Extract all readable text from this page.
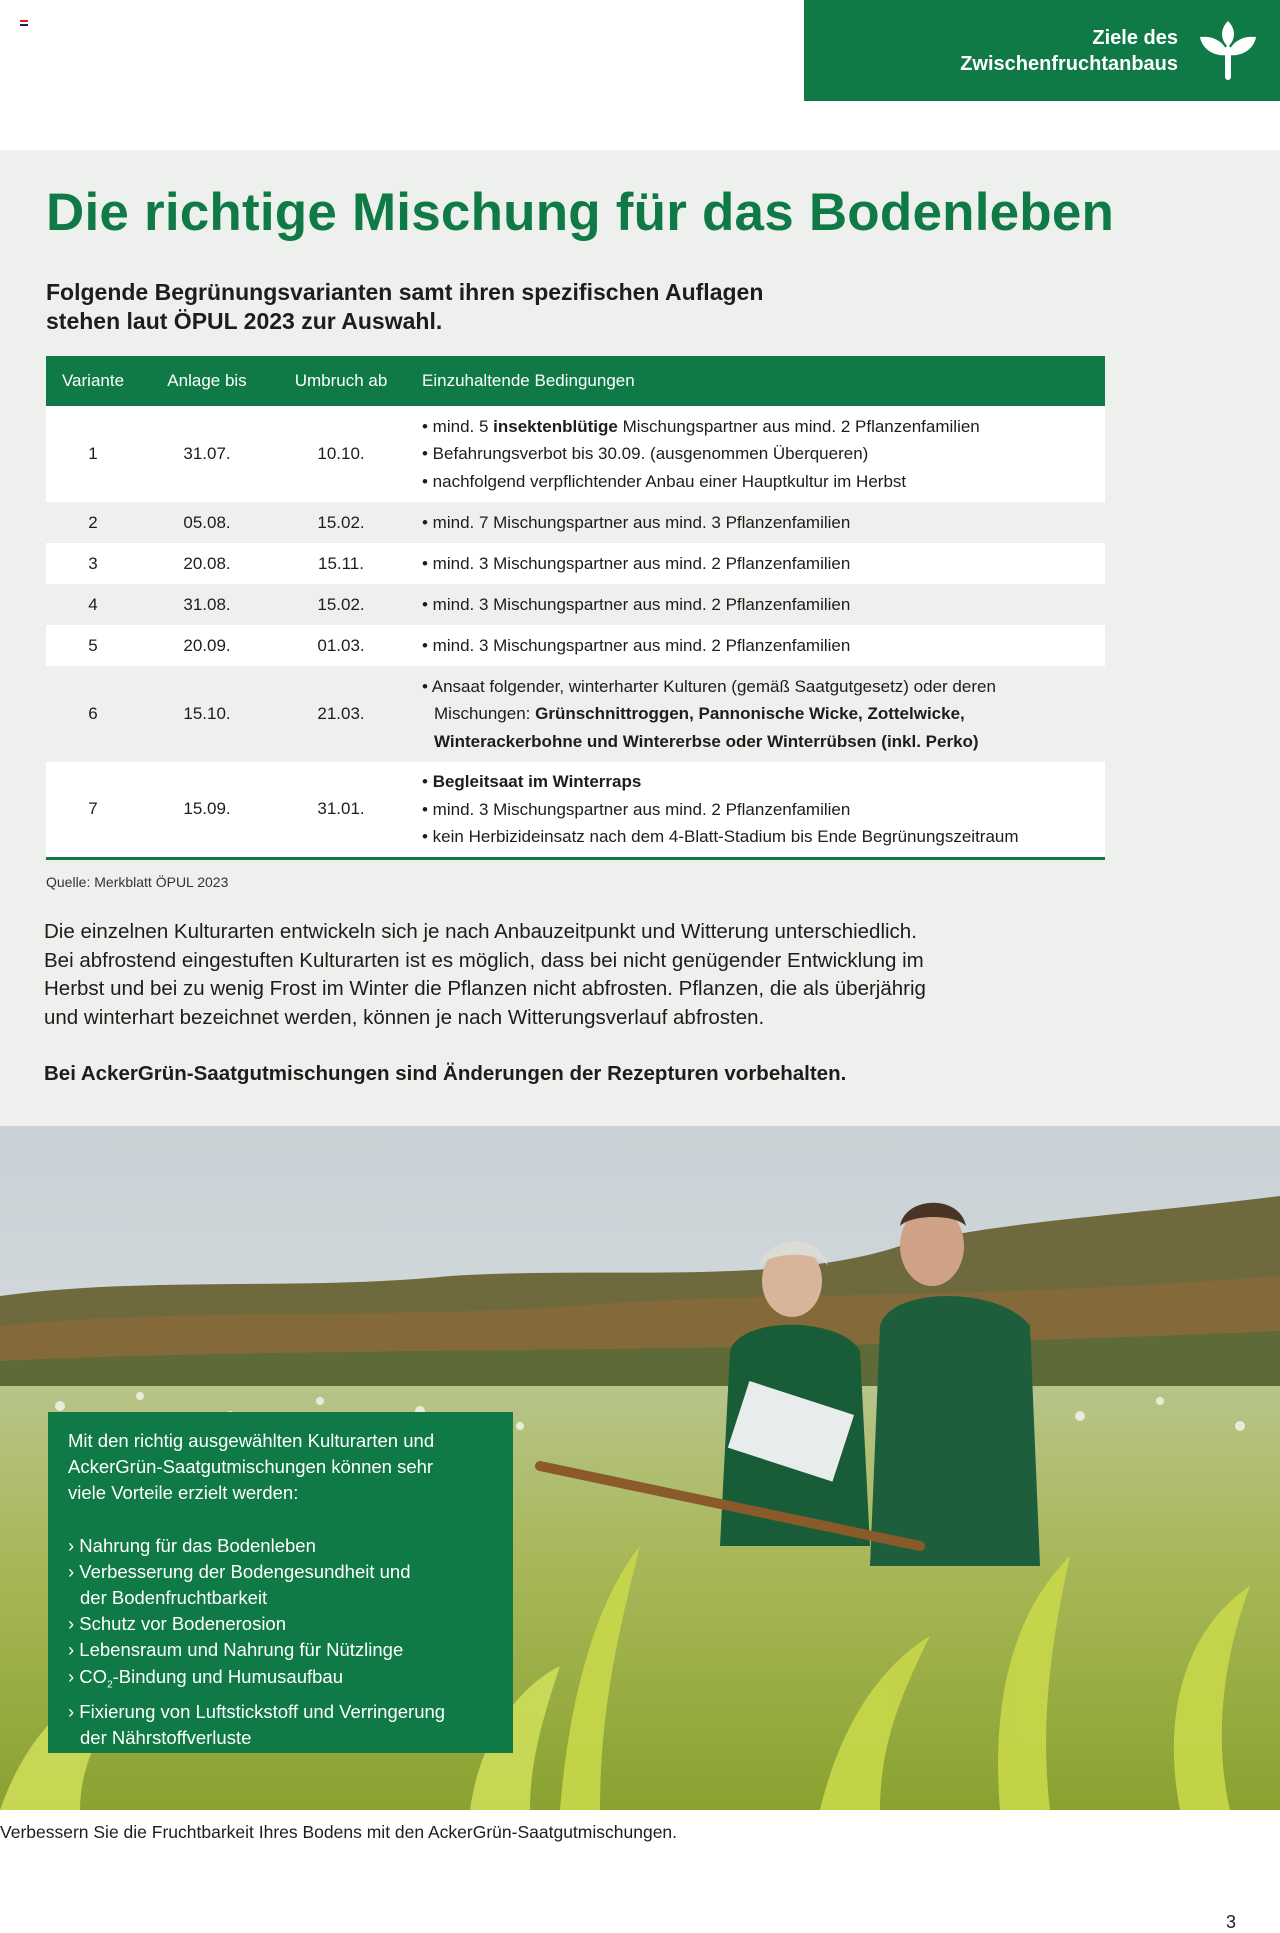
Ziele des
Zwischenfruchtanbaus
Die richtige Mischung für das Bodenleben
Folgende Begrünungsvarianten samt ihren spezifischen Auflagen
stehen laut ÖPUL 2023 zur Auswahl.
Variante	Anlage bis	Umbruch ab	Einzuhaltende Bedingungen
1	31.07.	10.10.	• mind. 5 insektenblütige Mischungspartner aus mind. 2 Pflanzenfamilien
• Befahrungsverbot bis 30.09. (ausgenommen Überqueren)
• nachfolgend verpflichtender Anbau einer Hauptkultur im Herbst

2	05.08.	15.02.	• mind. 7 Mischungspartner aus mind. 3 Pflanzenfamilien

3	20.08.	15.11.	• mind. 3 Mischungspartner aus mind. 2 Pflanzenfamilien

4	31.08.	15.02.	• mind. 3 Mischungspartner aus mind. 2 Pflanzenfamilien

5	20.09.	01.03.	• mind. 3 Mischungspartner aus mind. 2 Pflanzenfamilien

6	15.10.	21.03.	• Ansaat folgender, winterharter Kulturen (gemäß Saatgutgesetz) oder deren
Mischungen: Grünschnittroggen, Pannonische Wicke, Zottelwicke,
Winterackerbohne und Wintererbse oder Winterrübsen (inkl. Perko)

7	15.09.	31.01.	• Begleitsaat im Winterraps
• mind. 3 Mischungspartner aus mind. 2 Pflanzenfamilien
• kein Herbizideinsatz nach dem 4-Blatt-Stadium bis Ende Begrünungszeitraum
Quelle: Merkblatt ÖPUL 2023

Die einzelnen Kulturarten entwickeln sich je nach Anbauzeitpunkt und Witterung unterschiedlich.
Bei abfrostend eingestuften Kulturarten ist es möglich, dass bei nicht genügender Entwicklung im
Herbst und bei zu wenig Frost im Winter die Pflanzen nicht abfrosten. Pflanzen, die als überjährig
und winterhart bezeichnet werden, können je nach Witterungsverlauf abfrosten.

Bei AckerGrün-Saatgutmischungen sind Änderungen der Rezepturen vorbehalten.

Mit den richtig ausgewählten Kulturarten und
AckerGrün-Saatgutmischungen können sehr
viele Vorteile erzielt werden:

› Nahrung für das Bodenleben
› Verbesserung der Bodengesundheit und
der Bodenfruchtbarkeit
› Schutz vor Bodenerosion
› Lebensraum und Nahrung für Nützlinge
› $CO_2$-Bindung und Humusaufbau
› Fixierung von Luftstickstoff und Verringerung
der Nährstoffverluste
Verbessern Sie die Fruchtbarkeit Ihres Bodens mit den AckerGrün-Saatgutmischungen.
3
